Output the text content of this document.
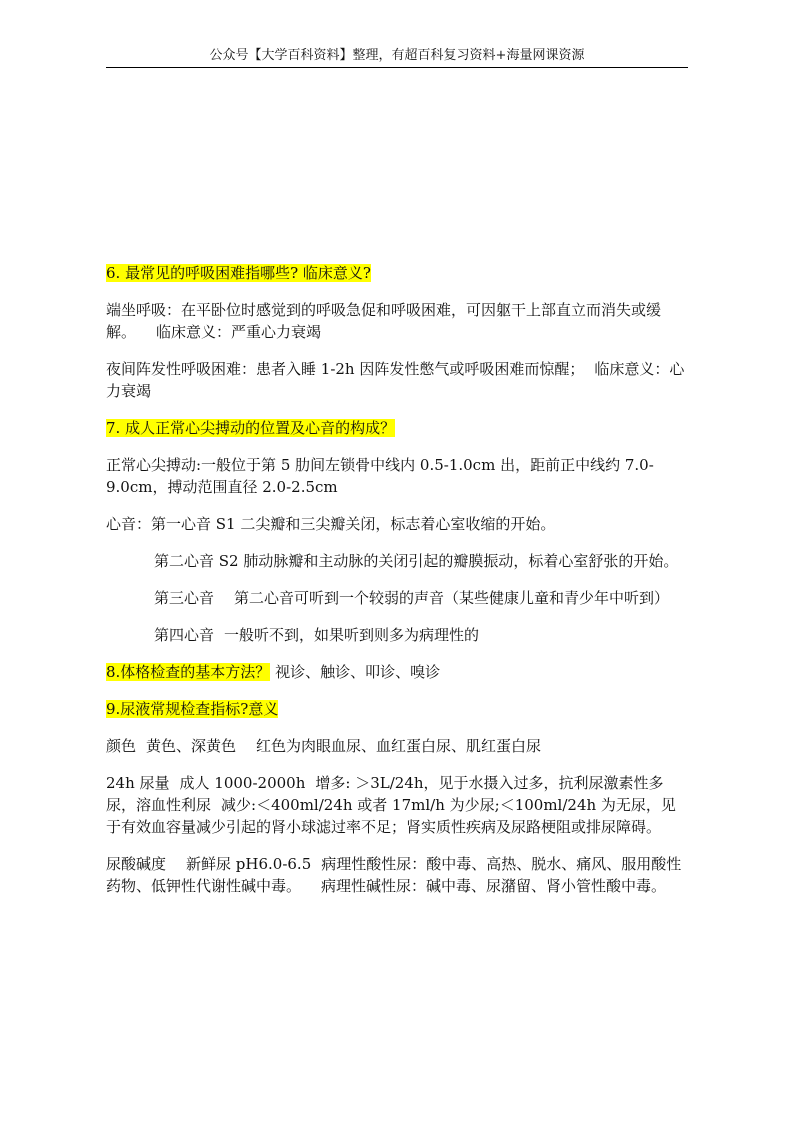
公众号【大学百科资料】整理，有超百科复习资料+海量网课资源

6. 最常见的呼吸困难指哪些? 临床意义?

端坐呼吸：在平卧位时感觉到的呼吸急促和呼吸困难，可因躯干上部直立而消失或缓解。 临床意义：严重心力衰竭

夜间阵发性呼吸困难：患者入睡 1-2h 因阵发性憋气或呼吸困难而惊醒； 临床意义：心力衰竭

7. 成人正常心尖搏动的位置及心音的构成？

正常心尖搏动:一般位于第 5 肋间左锁骨中线内 0.5-1.0cm 出，距前正中线约 7.0-9.0cm，搏动范围直径 2.0-2.5cm

心音：第一心音 S1 二尖瓣和三尖瓣关闭，标志着心室收缩的开始。

第二心音 S2 肺动脉瓣和主动脉的关闭引起的瓣膜振动，标着心室舒张的开始。

第三心音 第二心音可听到一个较弱的声音（某些健康儿童和青少年中听到）

第四心音 一般听不到，如果听到则多为病理性的

8.体格检查的基本方法？ 视诊、触诊、叩诊、嗅诊

9.尿液常规检查指标?意义

颜色 黄色、深黄色 红色为肉眼血尿、血红蛋白尿、肌红蛋白尿

24h 尿量 成人 1000-2000h 增多: ＞3L/24h，见于水摄入过多，抗利尿激素性多尿，溶血性利尿 减少:＜400ml/24h 或者 17ml/h 为少尿;＜100ml/24h 为无尿，见于有效血容量减少引起的肾小球滤过率不足；肾实质性疾病及尿路梗阻或排尿障碍。

尿酸碱度 新鲜尿 pH6.0-6.5 病理性酸性尿：酸中毒、高热、脱水、痛风、服用酸性药物、低钾性代谢性碱中毒。 病理性碱性尿：碱中毒、尿潴留、肾小管性酸中毒。
